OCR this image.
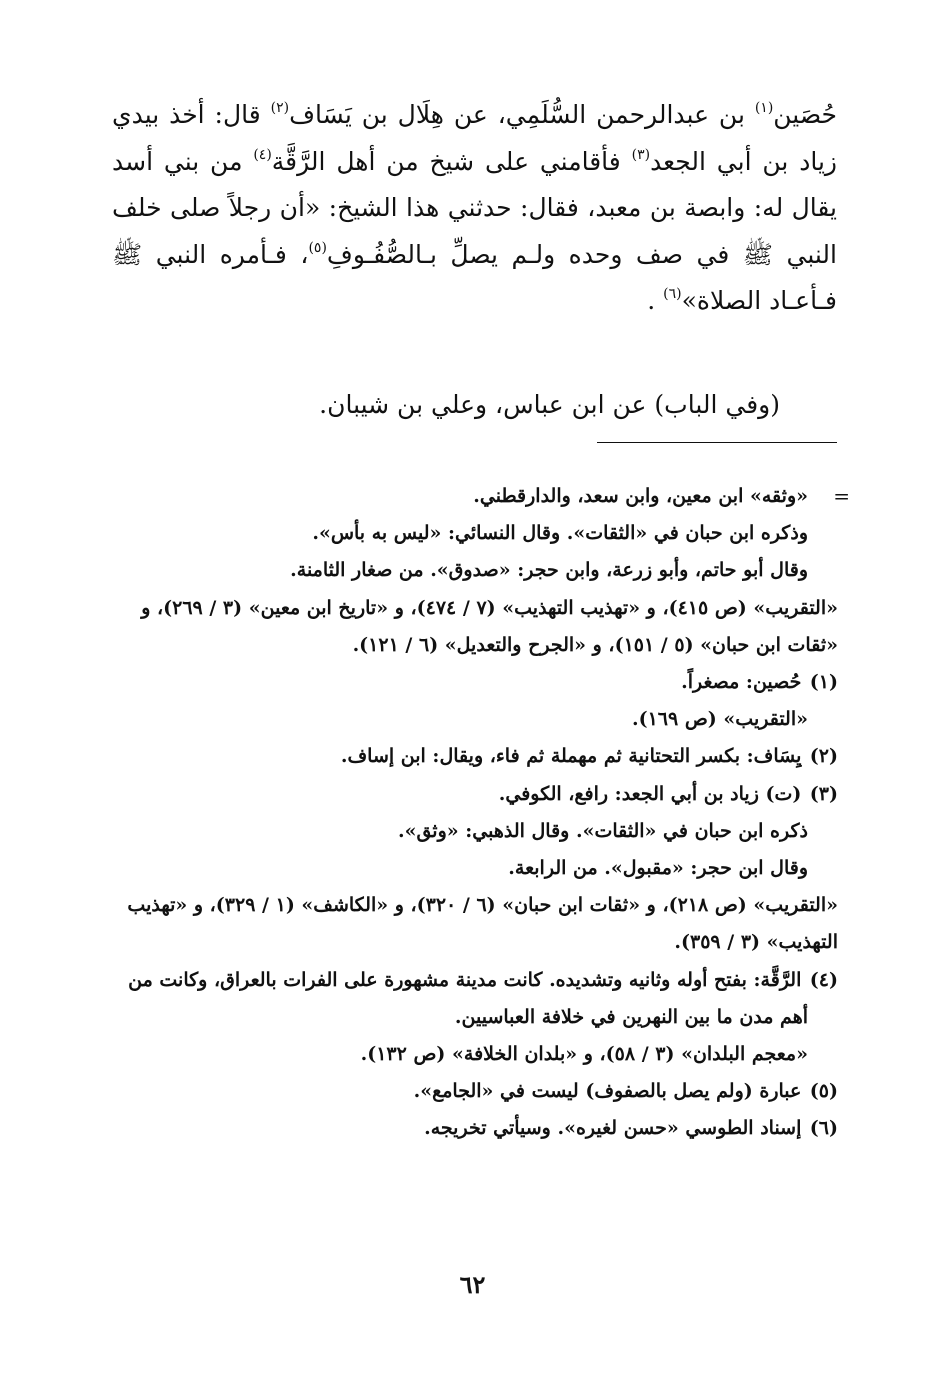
حُصَين$^{(١)}$ بن عبدالرحمن السُّلَمِي، عن هِلَال بن يَسَاف$^{(٢)}$ قال: أخذ بيدي زياد بن أبي الجعد$^{(٣)}$ فأقامني على شيخ من أهل الرَّقَّة$^{(٤)}$ من بني أسد يقال له: وابصة بن معبد، فقال: حدثني هذا الشيخ: «أن رجلاً صلى خلف النبي ﷺ في صف وحده ولـم يصلِّ بـالصُّفُـوفِ$^{(٥)}$، فـأمره النبي ﷺ فـأعـاد الصلاة»$^{(٦)}$ .

(وفي الباب) عن ابن عباس، وعلي بن شيبان.
=

«وثقه» ابن معين، وابن سعد، والدارقطني.

وذكره ابن حبان في «الثقات». وقال النسائي: «ليس به بأس».

وقال أبو حاتم، وأبو زرعة، وابن حجر: «صدوق». من صغار الثامنة.

«التقريب» (ص ٤١٥)، و «تهذيب التهذيب» (٧ / ٤٧٤)، و «تاريخ ابن معين» (٣ / ٢٦٩)، و «ثقات ابن حبان» (٥ / ١٥١)، و «الجرح والتعديل» (٦ / ١٢١).

(١) حُصين: مصغراً.

«التقريب» (ص ١٦٩).

(٢) يِسَاف: بكسر التحتانية ثم مهملة ثم فاء، ويقال: ابن إساف.

(٣) (ت) زياد بن أبي الجعد: رافع، الكوفي.

ذكره ابن حبان في «الثقات». وقال الذهبي: «وثق».

وقال ابن حجر: «مقبول». من الرابعة.

«التقريب» (ص ٢١٨)، و «ثقات ابن حبان» (٦ / ٣٢٠)، و «الكاشف» (١ / ٣٢٩)، و «تهذيب التهذيب» (٣ / ٣٥٩).

(٤) الرَّقَّة: بفتح أوله وثانيه وتشديده. كانت مدينة مشهورة على الفرات بالعراق، وكانت من أهم مدن ما بين النهرين في خلافة العباسيين.

«معجم البلدان» (٣ / ٥٨)، و «بلدان الخلافة» (ص ١٣٢).

(٥) عبارة (ولم يصل بالصفوف) ليست في «الجامع».

(٦) إسناد الطوسي «حسن لغيره». وسيأتي تخريجه.

٦٢
